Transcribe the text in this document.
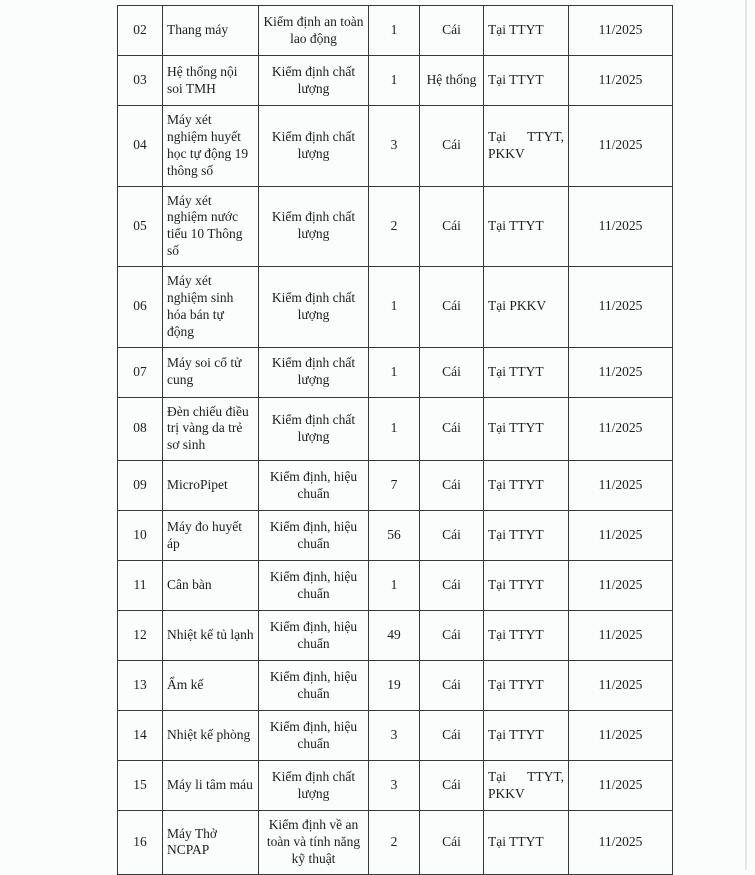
02	Thang máy	Kiểm định an toàn lao động	1	Cái	Tại TTYT	11/2025
03	Hệ thống nội soi TMH	Kiểm định chất lượng	1	Hệ thống	Tại TTYT	11/2025
04	Máy xét nghiệm huyết học tự động 19 thông số	Kiểm định chất lượng	3	Cái	Tại TTYT, PKKV	11/2025
05	Máy xét nghiệm nước tiểu 10 Thông số	Kiểm định chất lượng	2	Cái	Tại TTYT	11/2025
06	Máy xét nghiệm sinh hóa bán tự động	Kiểm định chất lượng	1	Cái	Tại PKKV	11/2025
07	Máy soi cổ tử cung	Kiểm định chất lượng	1	Cái	Tại TTYT	11/2025
08	Đèn chiếu điều trị vàng da trẻ sơ sinh	Kiểm định chất lượng	1	Cái	Tại TTYT	11/2025
09	MicroPipet	Kiểm định, hiệu chuẩn	7	Cái	Tại TTYT	11/2025
10	Máy đo huyết áp	Kiểm định, hiệu chuẩn	56	Cái	Tại TTYT	11/2025
11	Cân bàn	Kiểm định, hiệu chuẩn	1	Cái	Tại TTYT	11/2025
12	Nhiệt kế tủ lạnh	Kiểm định, hiệu chuẩn	49	Cái	Tại TTYT	11/2025
13	Ẩm kế	Kiểm định, hiệu chuẩn	19	Cái	Tại TTYT	11/2025
14	Nhiệt kế phòng	Kiểm định, hiệu chuẩn	3	Cái	Tại TTYT	11/2025
15	Máy li tâm máu	Kiểm định chất lượng	3	Cái	Tại TTYT, PKKV	11/2025
16	Máy Thở NCPAP	Kiểm định về an toàn và tính năng kỹ thuật	2	Cái	Tại TTYT	11/2025
